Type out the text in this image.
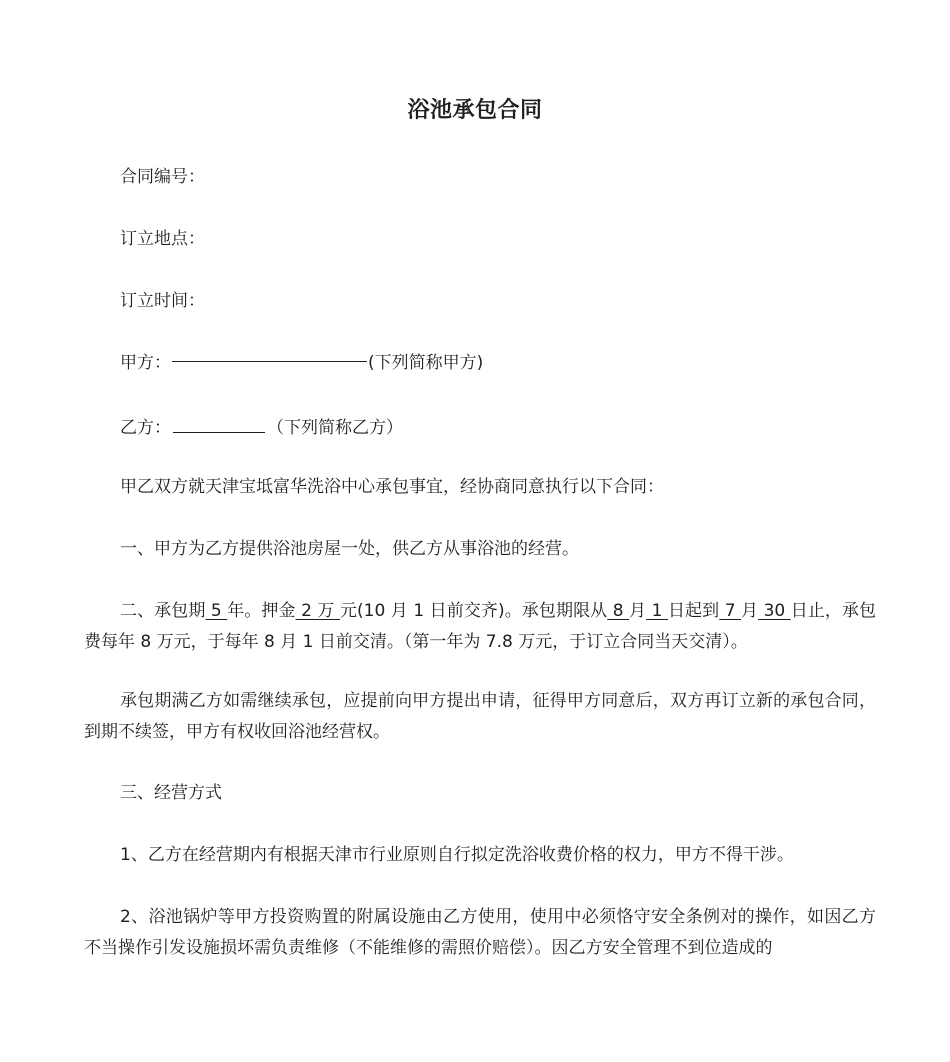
浴池承包合同
合同编号：
订立地点：
订立时间：
甲方：	(下列简称甲方)
乙方：	（下列简称乙方）
甲乙双方就天津宝坻富华洗浴中心承包事宜，经协商同意执行以下合同：
一、甲方为乙方提供浴池房屋一处，供乙方从事浴池的经营。
二、承包期 5 年。押金 2 万 元(10 月 1 日前交齐)。承包期限从 8 月 1 日起到 7 月 30 日止，承包费每年 8 万元，于每年 8 月 1 日前交清。（第一年为 7.8 万元，于订立合同当天交清）。
承包期满乙方如需继续承包，应提前向甲方提出申请，征得甲方同意后，双方再订立新的承包合同，到期不续签，甲方有权收回浴池经营权。
三、经营方式
1、乙方在经营期内有根据天津市行业原则自行拟定洗浴收费价格的权力，甲方不得干涉。
2、浴池锅炉等甲方投资购置的附属设施由乙方使用，使用中必须恪守安全条例对的操作，如因乙方不当操作引发设施损坏需负责维修（不能维修的需照价赔偿）。因乙方安全管理不到位造成的
